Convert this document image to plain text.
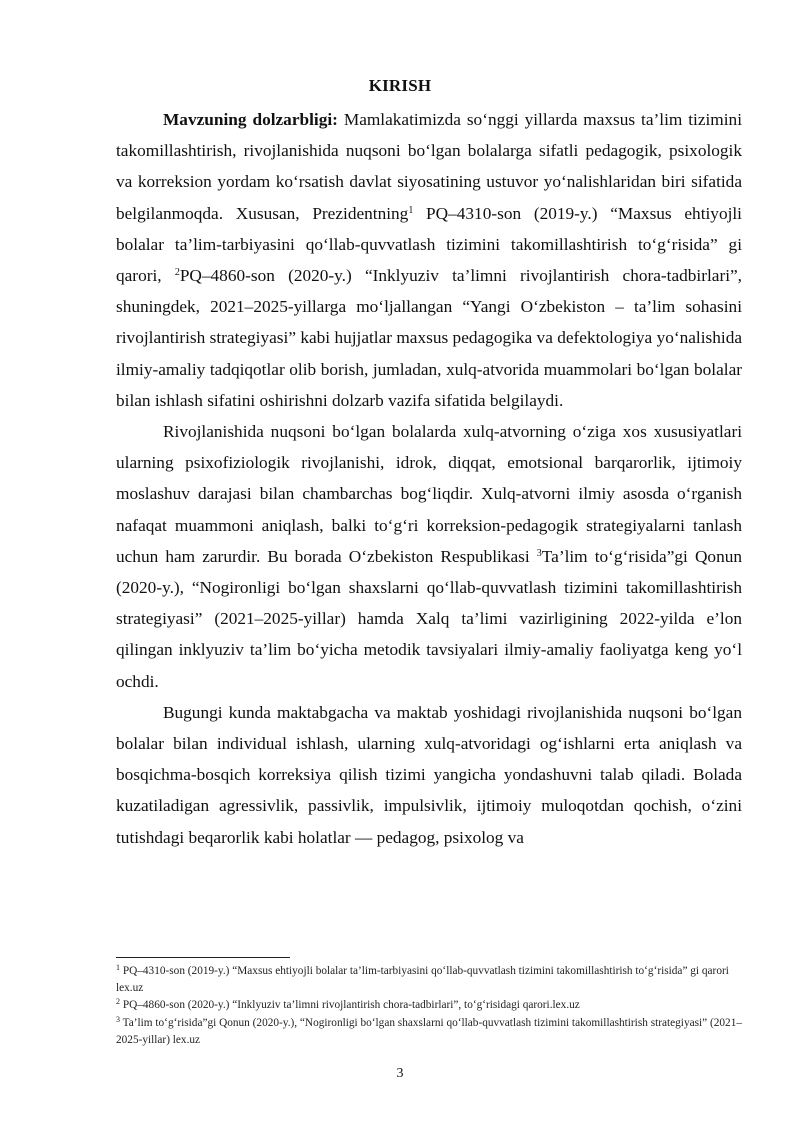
KIRISH

Mavzuning dolzarbligi: Mamlakatimizda so‘nggi yillarda maxsus ta’lim tizimini takomillashtirish, rivojlanishida nuqsoni bo‘lgan bolalarga sifatli pedagogik, psixologik va korreksion yordam ko‘rsatish davlat siyosatining ustuvor yo‘nalishlaridan biri sifatida belgilanmoqda. Xususan, Prezidentning$^1$ PQ–4310-son (2019-y.) “Maxsus ehtiyojli bolalar ta’lim-tarbiyasini qo‘llab-quvvatlash tizimini takomillashtirish to‘g‘risida” gi qarori, $^2$PQ–4860-son (2020-y.) “Inklyuziv ta’limni rivojlantirish chora-tadbirlari”, shuningdek, 2021–2025-yillarga mo‘ljallangan “Yangi O‘zbekiston – ta’lim sohasini rivojlantirish strategiyasi” kabi hujjatlar maxsus pedagogika va defektologiya yo‘nalishida ilmiy-amaliy tadqiqotlar olib borish, jumladan, xulq-atvorida muammolari bo‘lgan bolalar bilan ishlash sifatini oshirishni dolzarb vazifa sifatida belgilaydi.

Rivojlanishida nuqsoni bo‘lgan bolalarda xulq-atvorning o‘ziga xos xususiyatlari ularning psixofiziologik rivojlanishi, idrok, diqqat, emotsional barqarorlik, ijtimoiy moslashuv darajasi bilan chambarchas bog‘liqdir. Xulq-atvorni ilmiy asosda o‘rganish nafaqat muammoni aniqlash, balki to‘g‘ri korreksion-pedagogik strategiyalarni tanlash uchun ham zarurdir. Bu borada O‘zbekiston Respublikasi $^3$Ta’lim to‘g‘risida”gi Qonun (2020-y.), “Nogironligi bo‘lgan shaxslarni qo‘llab-quvvatlash tizimini takomillashtirish strategiyasi” (2021–2025-yillar) hamda Xalq ta’limi vazirligining 2022-yilda e’lon qilingan inklyuziv ta’lim bo‘yicha metodik tavsiyalari ilmiy-amaliy faoliyatga keng yo‘l ochdi.

Bugungi kunda maktabgacha va maktab yoshidagi rivojlanishida nuqsoni bo‘lgan bolalar bilan individual ishlash, ularning xulq-atvoridagi og‘ishlarni erta aniqlash va bosqichma-bosqich korreksiya qilish tizimi yangicha yondashuvni talab qiladi. Bolada kuzatiladigan agressivlik, passivlik, impulsivlik, ijtimoiy muloqotdan qochish, o‘zini tutishdagi beqarorlik kabi holatlar — pedagog, psixolog va

$^1$ PQ–4310-son (2019-y.) “Maxsus ehtiyojli bolalar ta’lim-tarbiyasini qo‘llab-quvvatlash tizimini takomillashtirish to‘g‘risida” gi qarori lex.uz

$^2$ PQ–4860-son (2020-y.) “Inklyuziv ta’limni rivojlantirish chora-tadbirlari”, to‘g‘risidagi qarori.lex.uz

$^3$ Ta’lim to‘g‘risida”gi Qonun (2020-y.), “Nogironligi bo‘lgan shaxslarni qo‘llab-quvvatlash tizimini takomillashtirish strategiyasi” (2021–2025-yillar) lex.uz

3
